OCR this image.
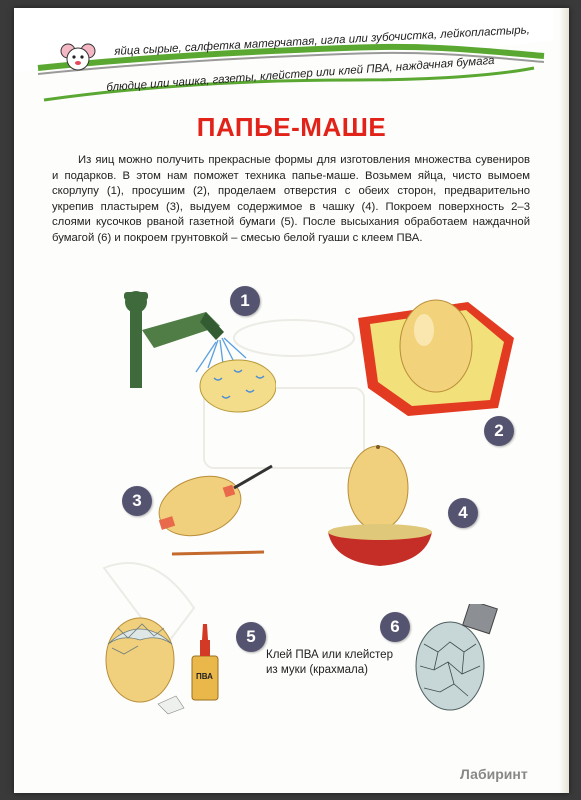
яйца сырые, салфетка матерчатая, игла или зубочистка, лейкопластырь,
блюдце или чашка, газеты, клейстер или клей ПВА, наждачная бумага
ПАПЬЕ-МАШЕ
Из яиц можно получить прекрасные формы для изготовления множества сувениров и подарков. В этом нам поможет техника папье-маше. Возьмем яйца, чисто вымоем скорлупу (1), просушим (2), проделаем отверстия с обеих сторон, предварительно укрепив пластырем (3), выдуем содержимое в чашку (4). Покроем поверхность 2–3 слоями кусочков рваной газетной бумаги (5). После высыхания обработаем наждачной бумагой (6) и покроем грунтовкой – смесью белой гуаши с клеем ПВА.
1
2
3
4
ПВА
5
Клей ПВА или клейстер из муки (крахмала)
6
Лабиринт
